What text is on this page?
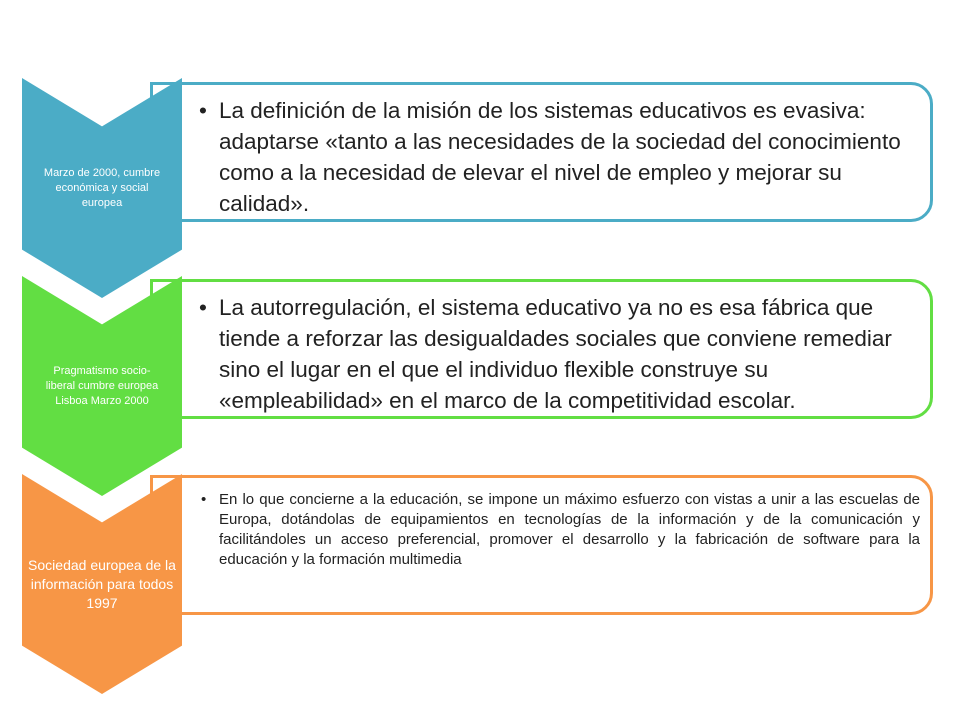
• La definición de la misión de los sistemas educativos es evasiva: adaptarse «tanto a las necesidades de la sociedad del conocimiento como a la necesidad de elevar el nivel de empleo y mejorar su calidad».
Marzo de 2000, cumbre económica y social europea
• La autorregulación, el sistema educativo ya no es esa fábrica que tiende a reforzar las desigualdades sociales que conviene remediar sino el lugar en el que el individuo flexible construye su «empleabilidad» en el marco de la competitividad escolar.
Pragmatismo socio-liberal cumbre europea Lisboa Marzo 2000
• En lo que concierne a la educación, se impone un máximo esfuerzo con vistas a unir a las escuelas de Europa, dotándolas de equipamientos en tecnologías de la información y de la comunicación y facilitándoles un acceso preferencial, promover el desarrollo y la fabricación de software para la educación y la formación multimedia
Sociedad europea de la información para todos 1997
